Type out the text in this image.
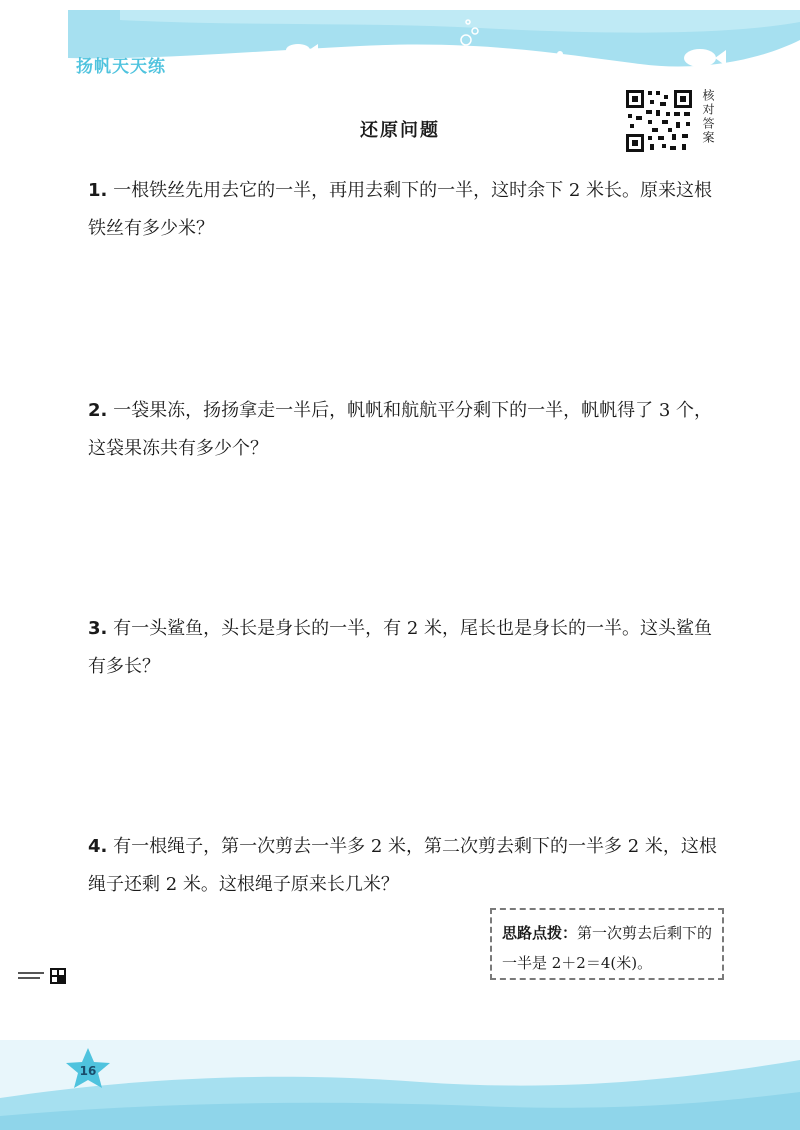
扬帆天天练
核对答案
还原问题
1. 一根铁丝先用去它的一半，再用去剩下的一半，这时余下 2 米长。原来这根铁丝有多少米？
2. 一袋果冻，扬扬拿走一半后，帆帆和航航平分剩下的一半，帆帆得了 3 个，这袋果冻共有多少个？
3. 有一头鲨鱼，头长是身长的一半，有 2 米，尾长也是身长的一半。这头鲨鱼有多长？
4. 有一根绳子，第一次剪去一半多 2 米，第二次剪去剩下的一半多 2 米，这根绳子还剩 2 米。这根绳子原来长几米？
思路点拨：第一次剪去后剩下的一半是 2＋2＝4(米)。
16
